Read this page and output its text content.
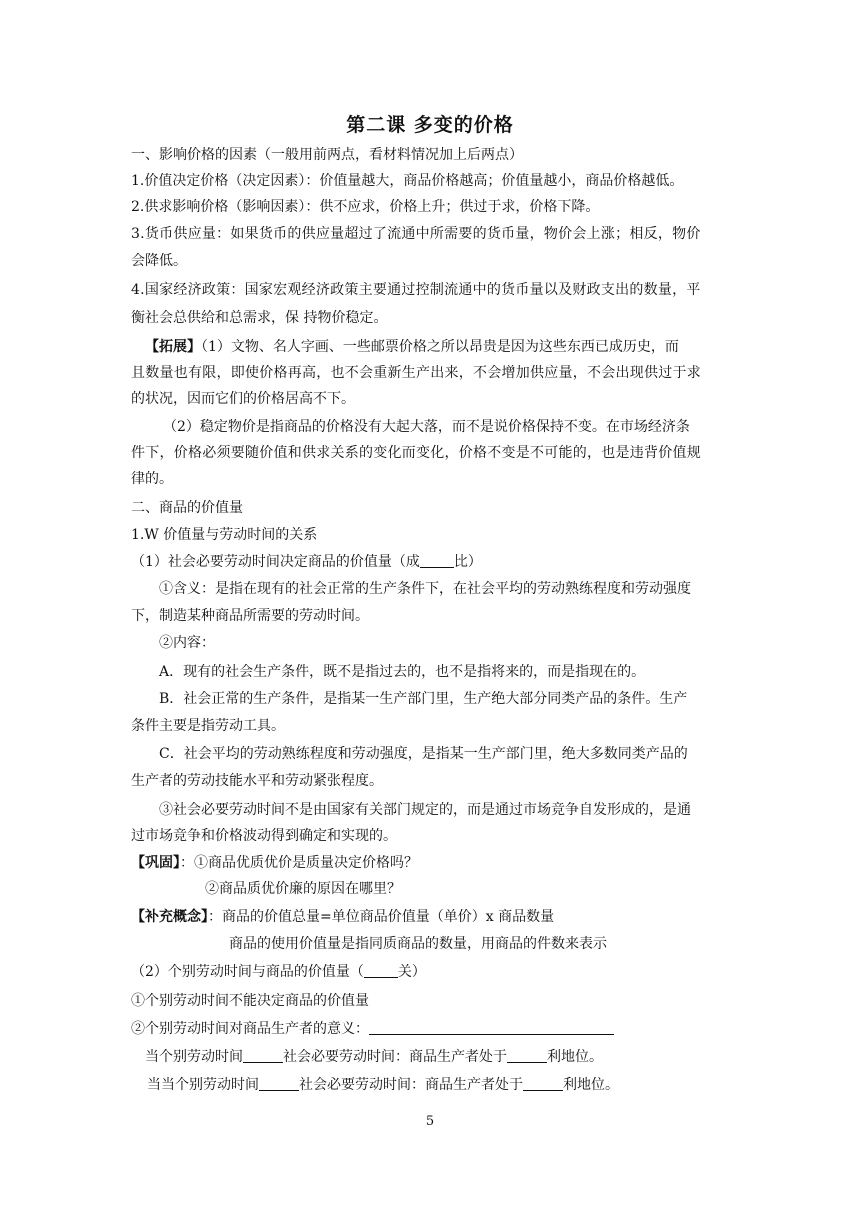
第二课 多变的价格
一、影响价格的因素（一般用前两点，看材料情况加上后两点）
1.价值决定价格（决定因素）：价值量越大，商品价格越高；价值量越小，商品价格越低。
2.供求影响价格（影响因素）：供不应求，价格上升；供过于求，价格下降。
3.货币供应量：如果货币的供应量超过了流通中所需要的货币量，物价会上涨；相反，物价
会降低。
4.国家经济政策：国家宏观经济政策主要通过控制流通中的货币量以及财政支出的数量，平
衡社会总供给和总需求，保 持物价稳定。
【拓展】（1）文物、名人字画、一些邮票价格之所以昂贵是因为这些东西已成历史，而
且数量也有限，即使价格再高，也不会重新生产出来，不会增加供应量，不会出现供过于求
的状况，因而它们的价格居高不下。
（2）稳定物价是指商品的价格没有大起大落，而不是说价格保持不变。在市场经济条
件下，价格必须要随价值和供求关系的变化而变化，价格不变是不可能的，也是违背价值规
律的。
二、商品的价值量
1.W 价值量与劳动时间的关系
（1）社会必要劳动时间决定商品的价值量（成 比）
①含义：是指在现有的社会正常的生产条件下，在社会平均的劳动熟练程度和劳动强度
下，制造某种商品所需要的劳动时间。
②内容：
A．现有的社会生产条件，既不是指过去的，也不是指将来的，而是指现在的。
B．社会正常的生产条件，是指某一生产部门里，生产绝大部分同类产品的条件。生产
条件主要是指劳动工具。
C．社会平均的劳动熟练程度和劳动强度，是指某一生产部门里，绝大多数同类产品的
生产者的劳动技能水平和劳动紧张程度。
③社会必要劳动时间不是由国家有关部门规定的，而是通过市场竞争自发形成的，是通
过市场竞争和价格波动得到确定和实现的。
【巩固】：①商品优质优价是质量决定价格吗？
②商品质优价廉的原因在哪里？
【补充概念】：商品的价值总量=单位商品价值量（单价）x 商品数量
商品的使用价值量是指同质商品的数量，用商品的件数来表示
（2）个别劳动时间与商品的价值量（ 关）
①个别劳动时间不能决定商品的价值量
②个别劳动时间对商品生产者的意义：
当个别劳动时间	社会必要劳动时间：商品生产者处于	利地位。
当当个别劳动时间	社会必要劳动时间：商品生产者处于	利地位。
5
